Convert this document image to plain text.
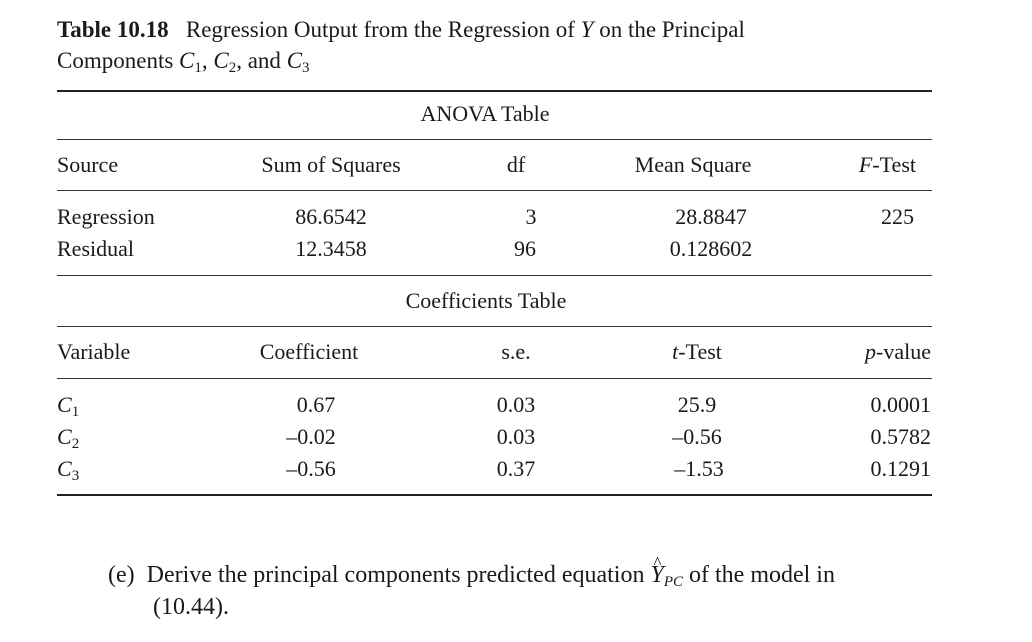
Table 10.18 Regression Output from the Regression of Y on the Principal
Components $C_1$, $C_2$, and $C_3$
ANOVA Table
Source	Sum of Squares	df	Mean Square	F-Test
Regression	86.6542	3	28.8847	225
Residual	12.3458	96	0.128602
Coefficients Table
Variable	Coefficient	s.e.	t-Test	p-value
$C_1$	0.67	0.03	25.9	0.0001
$C_2$	–0.02	0.03	–0.56	0.5782
$C_3$	–0.56	0.37	–1.53	0.1291
(e) Derive the principal components predicted equation ^ $Y_{PC}$ of the model in
(10.44).
